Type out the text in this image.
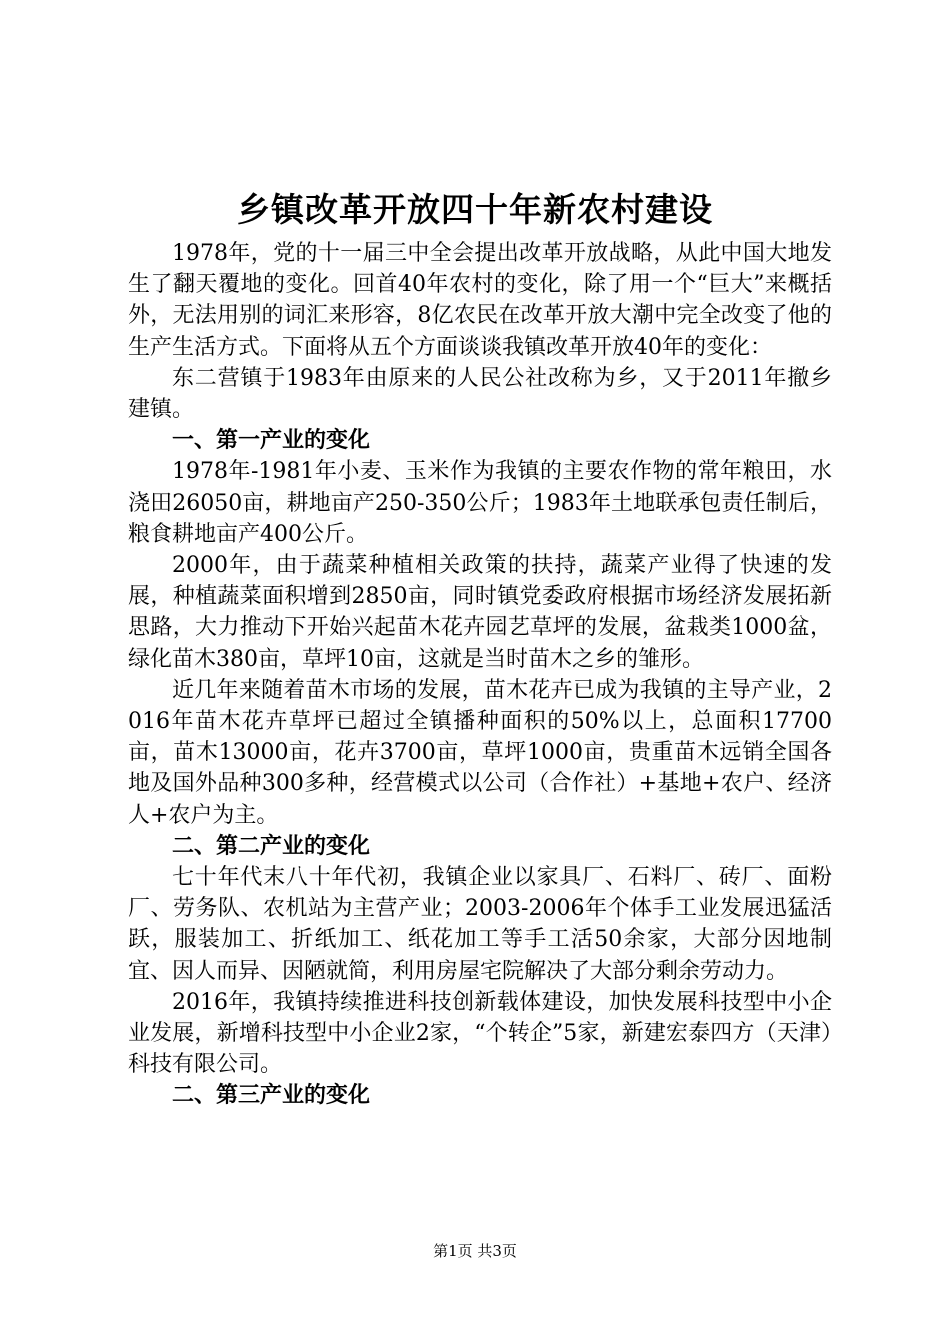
乡镇改革开放四十年新农村建设

1978年，党的十一届三中全会提出改革开放战略，从此中国大地发生了翻天覆地的变化。回首40年农村的变化，除了用一个“巨大”来概括外，无法用别的词汇来形容，8亿农民在改革开放大潮中完全改变了他的生产生活方式。下面将从五个方面谈谈我镇改革开放40年的变化：

东二营镇于1983年由原来的人民公社改称为乡，又于2011年撤乡建镇。

一、第一产业的变化

1978年-1981年小麦、玉米作为我镇的主要农作物的常年粮田，水浇田26050亩，耕地亩产250-350公斤；1983年土地联承包责任制后，粮食耕地亩产400公斤。

2000年，由于蔬菜种植相关政策的扶持，蔬菜产业得了快速的发展，种植蔬菜面积增到2850亩，同时镇党委政府根据市场经济发展拓新思路，大力推动下开始兴起苗木花卉园艺草坪的发展，盆栽类1000盆，绿化苗木380亩，草坪10亩，这就是当时苗木之乡的雏形。

近几年来随着苗木市场的发展，苗木花卉已成为我镇的主导产业，2016年苗木花卉草坪已超过全镇播种面积的50%以上，总面积17700亩，苗木13000亩，花卉3700亩，草坪1000亩，贵重苗木远销全国各地及国外品种300多种，经营模式以公司（合作社）+基地+农户、经济人+农户为主。

二、第二产业的变化

七十年代末八十年代初，我镇企业以家具厂、石料厂、砖厂、面粉厂、劳务队、农机站为主营产业；2003-2006年个体手工业发展迅猛活跃，服装加工、折纸加工、纸花加工等手工活50余家，大部分因地制宜、因人而异、因陋就简，利用房屋宅院解决了大部分剩余劳动力。

2016年，我镇持续推进科技创新载体建设，加快发展科技型中小企业发展，新增科技型中小企业2家，“个转企”5家，新建宏泰四方（天津）科技有限公司。

二、第三产业的变化

第1页 共3页
